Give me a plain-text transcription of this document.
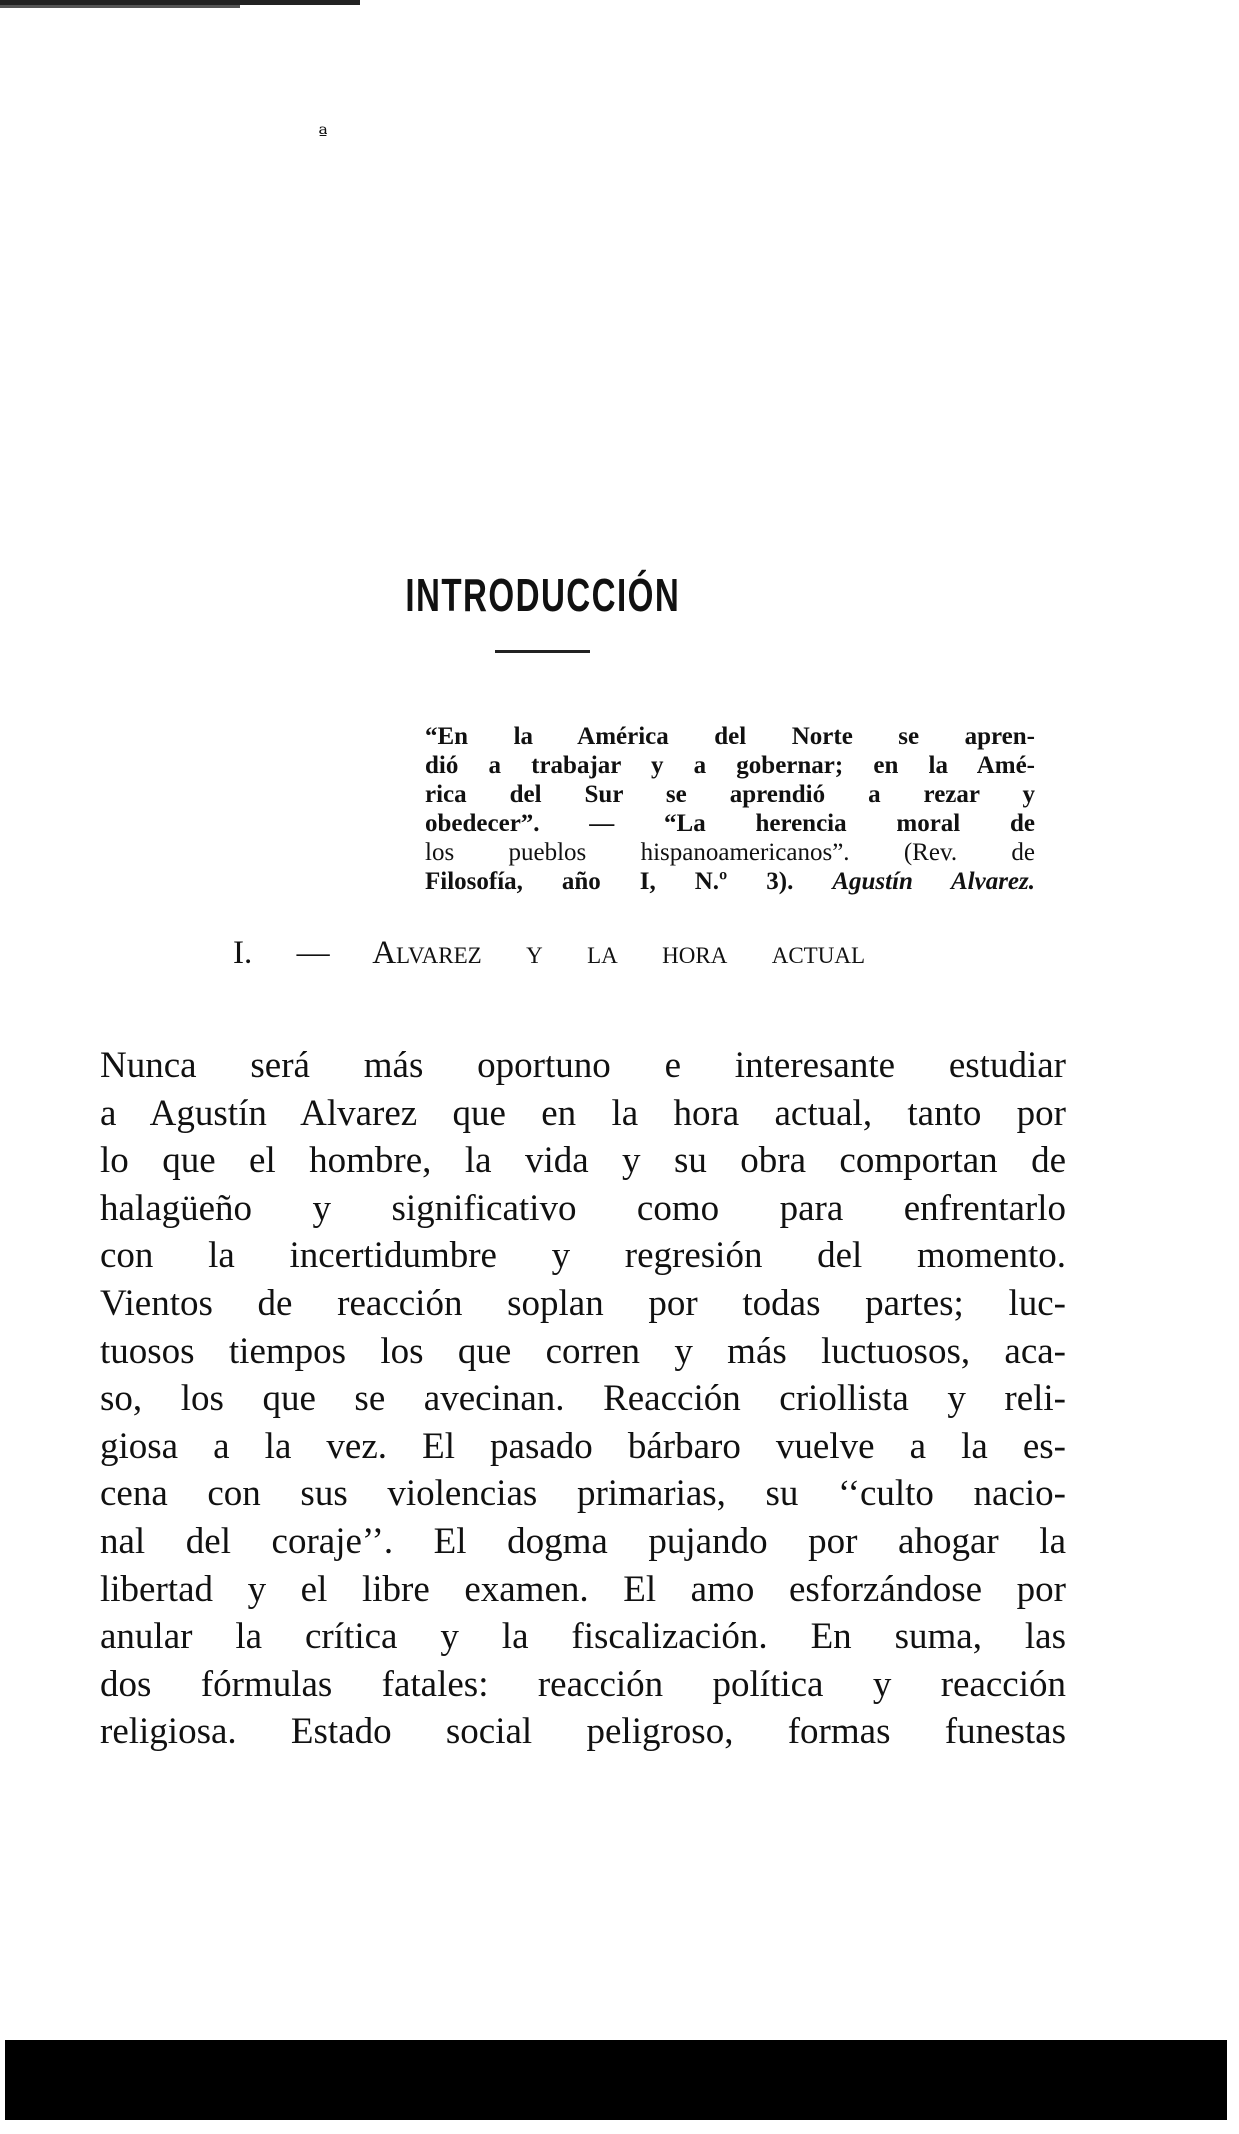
ª
INTRODUCCIÓN
“En la América del Norte se apren-
dió a trabajar y a gobernar; en la Amé-
rica del Sur se aprendió a rezar y
obedecer”. — “La herencia moral de
los pueblos hispanoamericanos”. (Rev. de
Filosofía, año I, N.º 3). Agustín Alvarez.
I. — Alvarez y la hora actual
Nunca será más oportuno e interesante estudiar
a Agustín Alvarez que en la hora actual, tanto por
lo que el hombre, la vida y su obra comportan de
halagüeño y significativo como para enfrentarlo
con la incertidumbre y regresión del momento.
Vientos de reacción soplan por todas partes; luc-
tuosos tiempos los que corren y más luctuosos, aca-
so, los que se avecinan. Reacción criollista y reli-
giosa a la vez. El pasado bárbaro vuelve a la es-
cena con sus violencias primarias, su ‘‘culto nacio-
nal del coraje’’. El dogma pujando por ahogar la
libertad y el libre examen. El amo esforzándose por
anular la crítica y la fiscalización. En suma, las
dos fórmulas fatales: reacción política y reacción
religiosa. Estado social peligroso, formas funestas
